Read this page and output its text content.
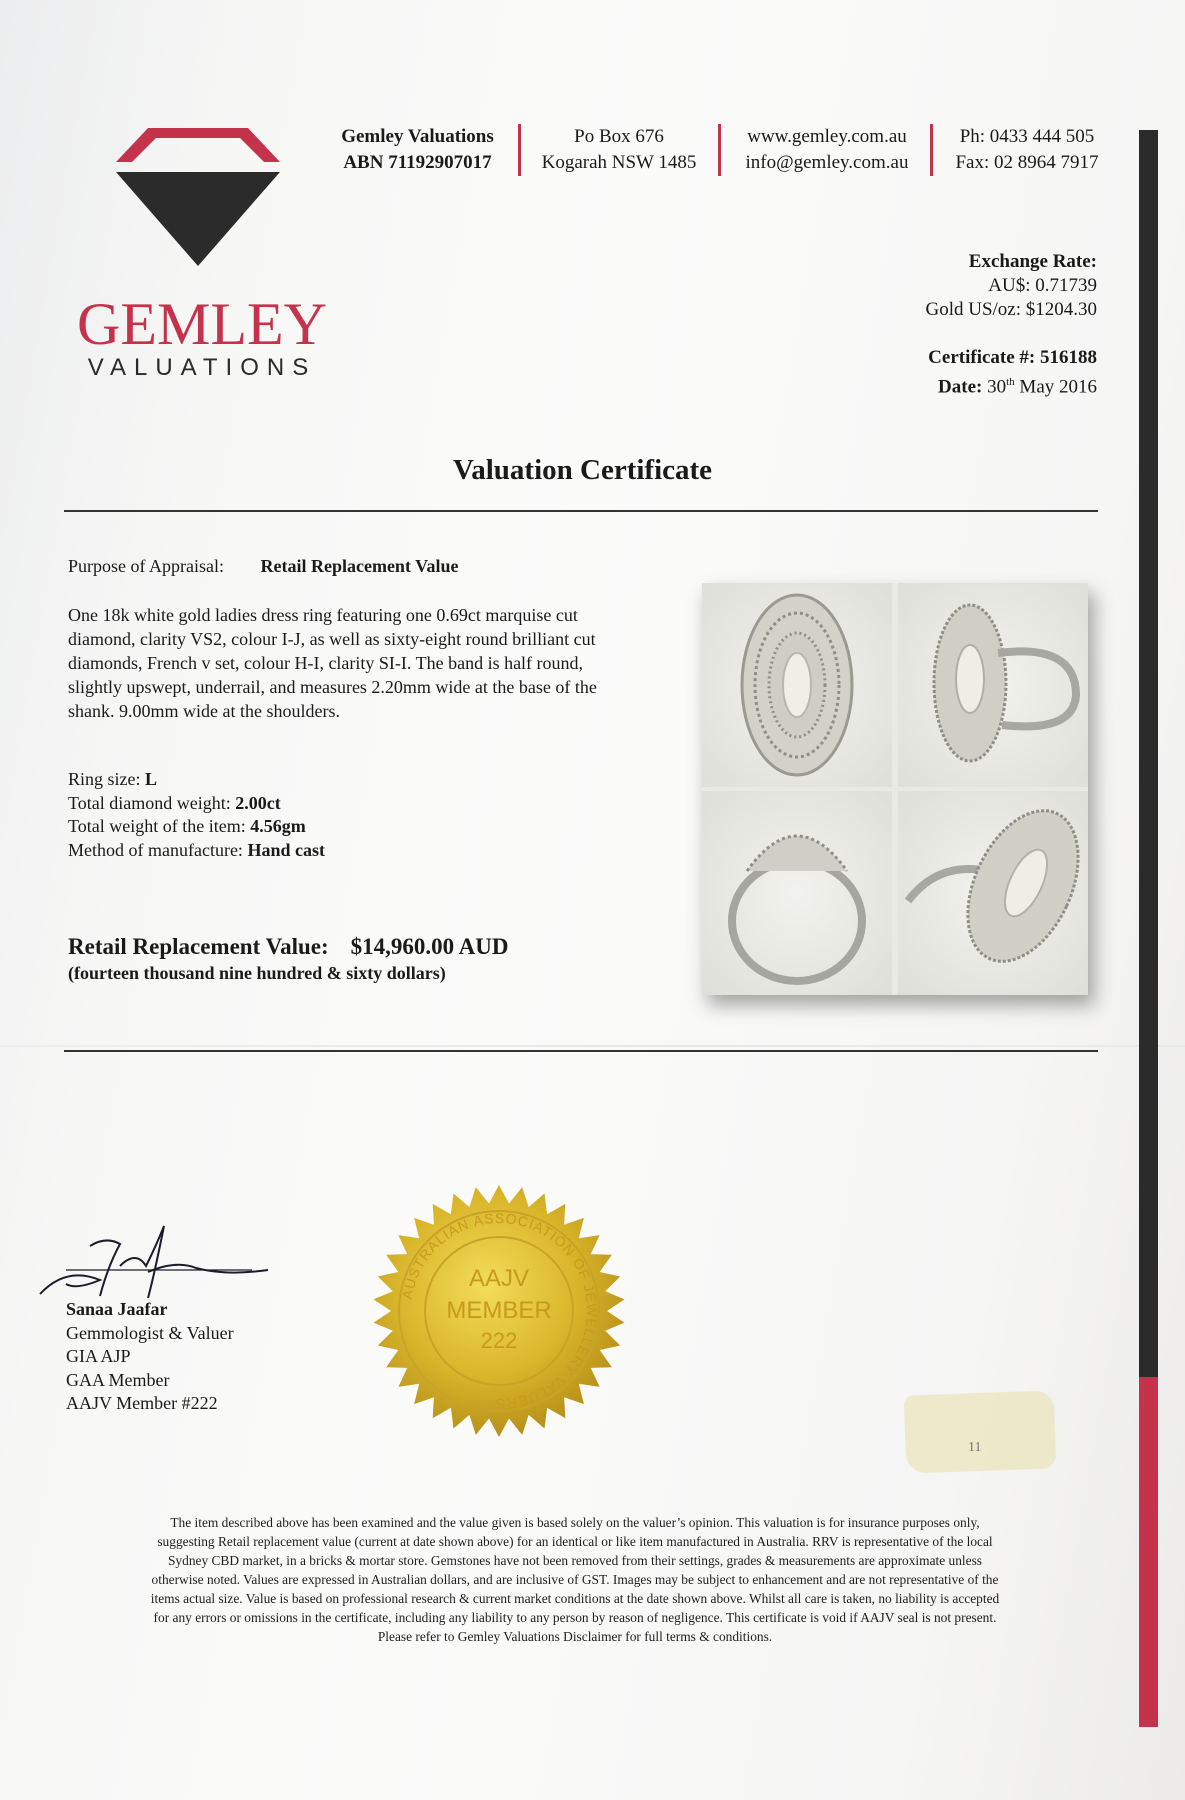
GEMLEY
VALUATIONS
Gemley Valuations
ABN 71192907017
Po Box 676
Kogarah NSW 1485
www.gemley.com.au
info@gemley.com.au
Ph: 0433 444 505
Fax: 02 8964 7917
Exchange Rate:
AU$: 0.71739
Gold US/oz: $1204.30
Certificate #: 516188
Date: 30th May 2016
Valuation Certificate
Purpose of Appraisal: Retail Replacement Value
One 18k white gold ladies dress ring featuring one 0.69ct marquise cut
diamond, clarity VS2, colour I-J, as well as sixty-eight round brilliant cut
diamonds, French v set, colour H-I, clarity SI-I. The band is half round,
slightly upswept, underrail, and measures 2.20mm wide at the base of the
shank. 9.00mm wide at the shoulders.
Ring size: L
Total diamond weight: 2.00ct
Total weight of the item: 4.56gm
Method of manufacture: Hand cast
Retail Replacement Value: $14,960.00 AUD
(fourteen thousand nine hundred & sixty dollars)
Sanaa Jaafar
Gemmologist & Valuer
GIA AJP
GAA Member
AAJV Member #222
AUSTRALIAN ASSOCIATION OF JEWELLERY VALUERS
AAJV
MEMBER
222
11
The item described above has been examined and the value given is based solely on the valuer’s opinion. This valuation is for insurance purposes only,
suggesting Retail replacement value (current at date shown above) for an identical or like item manufactured in Australia. RRV is representative of the local
Sydney CBD market, in a bricks & mortar store. Gemstones have not been removed from their settings, grades & measurements are approximate unless
otherwise noted. Values are expressed in Australian dollars, and are inclusive of GST. Images may be subject to enhancement and are not representative of the
items actual size. Value is based on professional research & current market conditions at the date shown above. Whilst all care is taken, no liability is accepted
for any errors or omissions in the certificate, including any liability to any person by reason of negligence. This certificate is void if AAJV seal is not present.
Please refer to Gemley Valuations Disclaimer for full terms & conditions.
